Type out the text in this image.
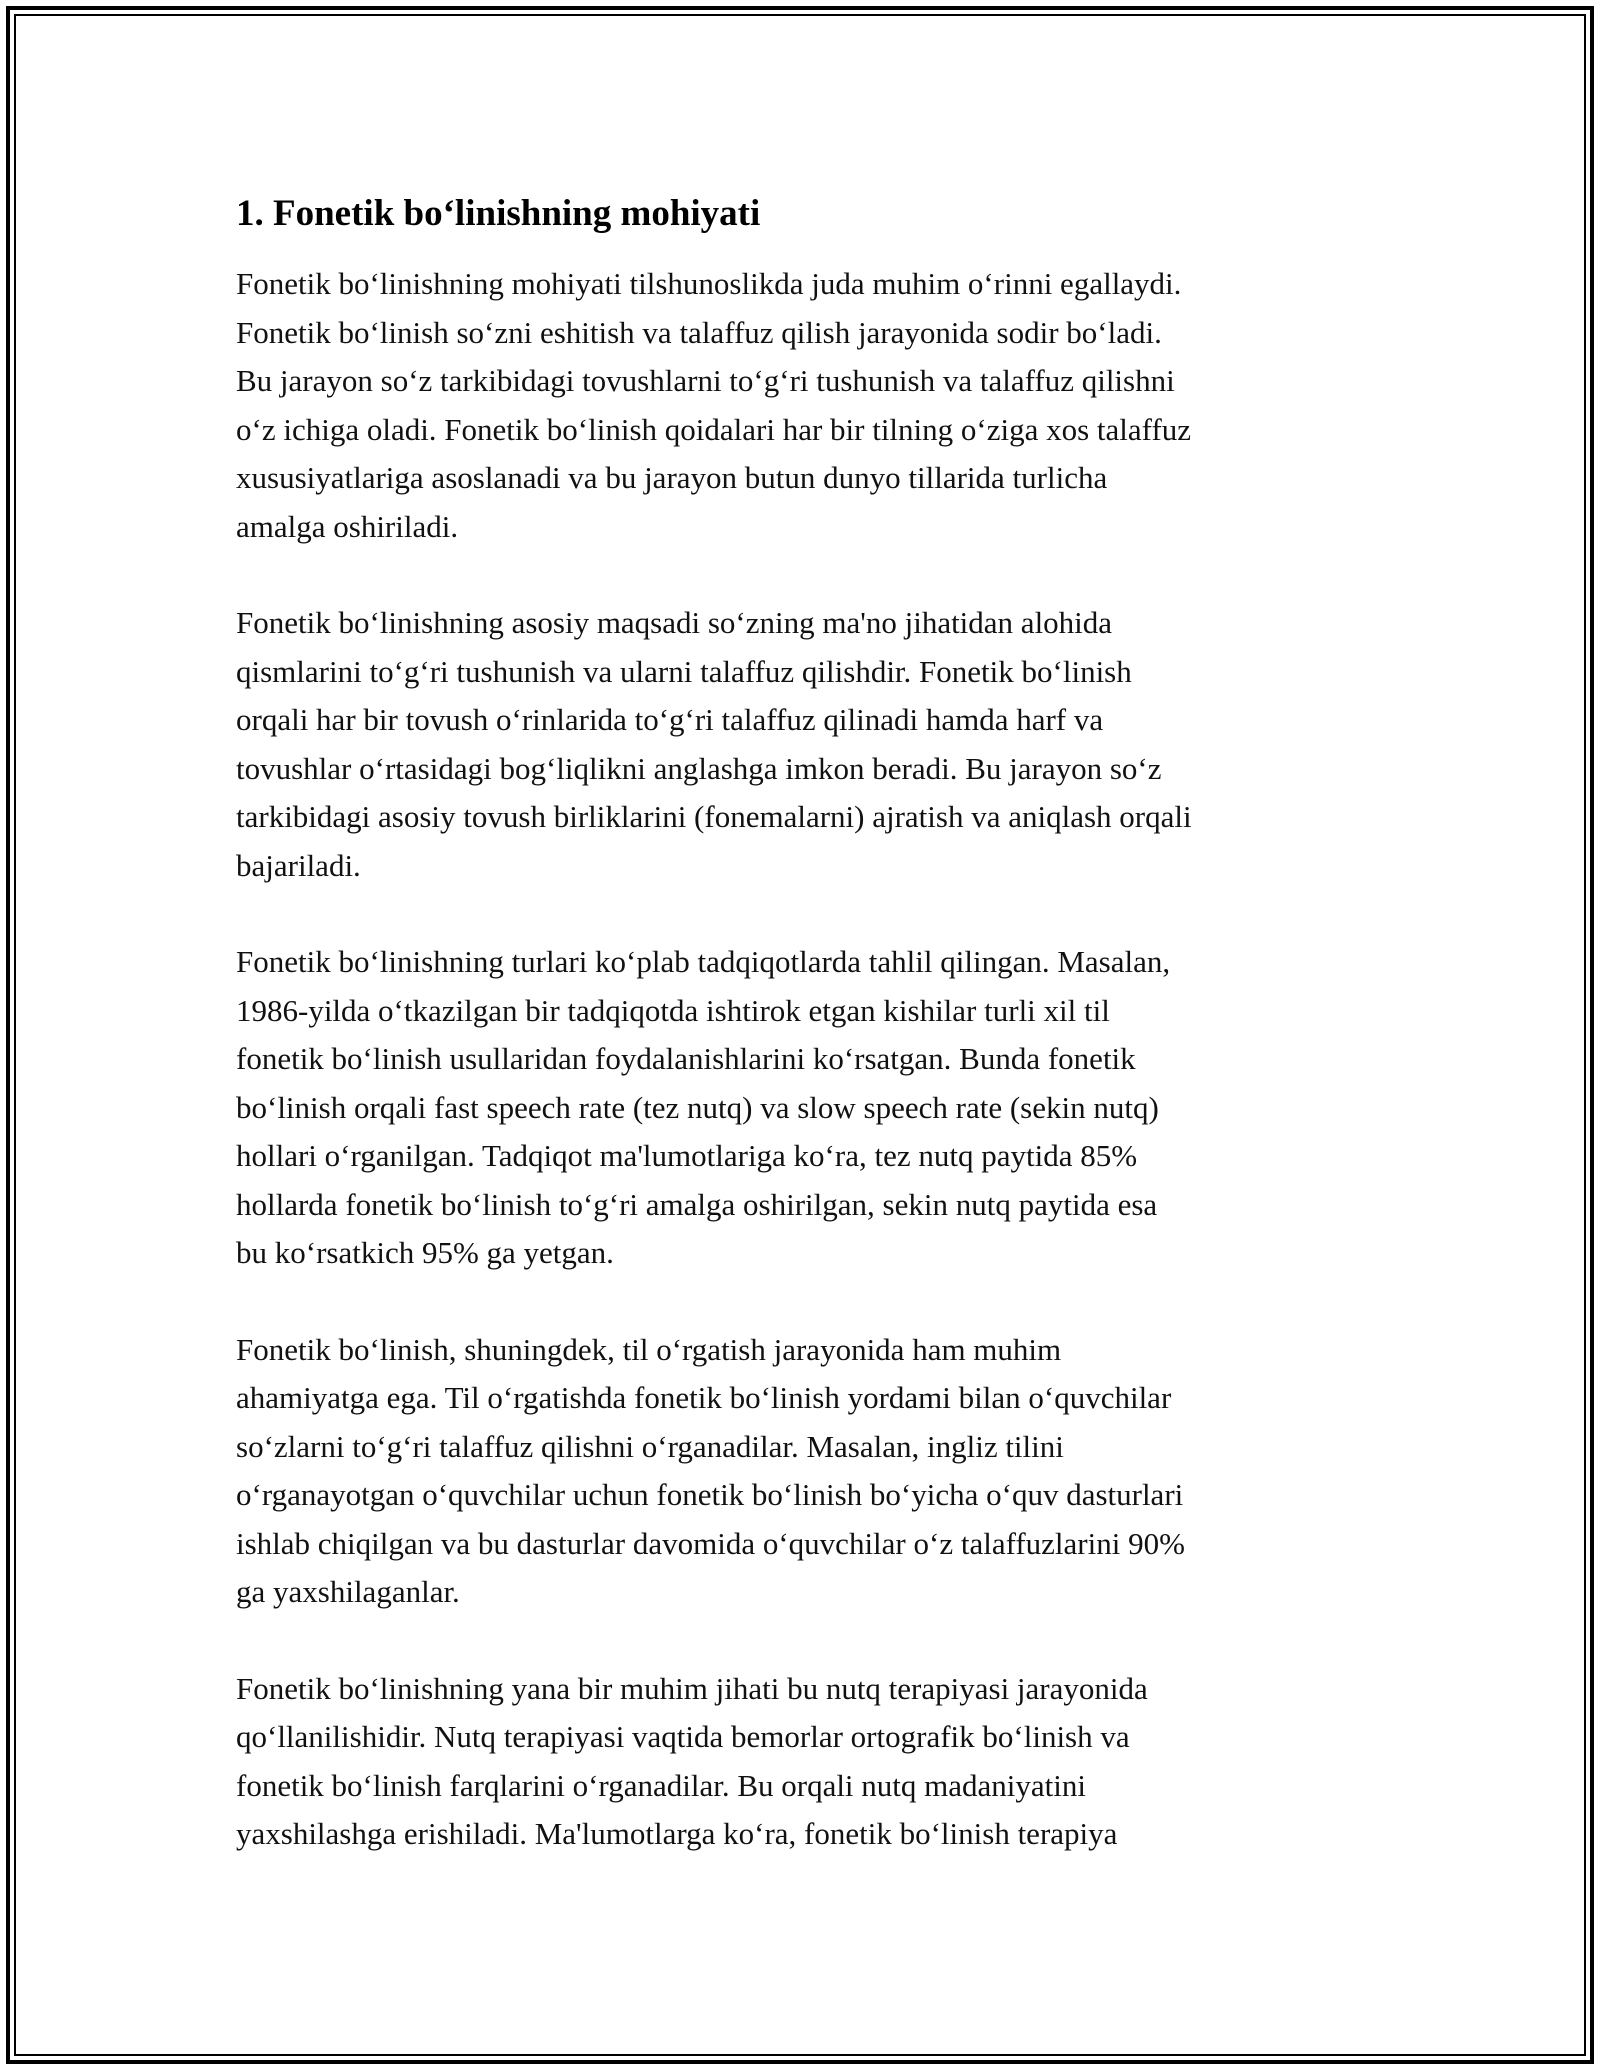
1. Fonetik bo‘linishning mohiyati
Fonetik bo‘linishning mohiyati tilshunoslikda juda muhim o‘rinni egallaydi.
Fonetik bo‘linish so‘zni eshitish va talaffuz qilish jarayonida sodir bo‘ladi.
Bu jarayon so‘z tarkibidagi tovushlarni to‘g‘ri tushunish va talaffuz qilishni
o‘z ichiga oladi. Fonetik bo‘linish qoidalari har bir tilning o‘ziga xos talaffuz
xususiyatlariga asoslanadi va bu jarayon butun dunyo tillarida turlicha
amalga oshiriladi.
Fonetik bo‘linishning asosiy maqsadi so‘zning ma'no jihatidan alohida
qismlarini to‘g‘ri tushunish va ularni talaffuz qilishdir. Fonetik bo‘linish
orqali har bir tovush o‘rinlarida to‘g‘ri talaffuz qilinadi hamda harf va
tovushlar o‘rtasidagi bog‘liqlikni anglashga imkon beradi. Bu jarayon so‘z
tarkibidagi asosiy tovush birliklarini (fonemalarni) ajratish va aniqlash orqali
bajariladi.
Fonetik bo‘linishning turlari ko‘plab tadqiqotlarda tahlil qilingan. Masalan,
1986-yilda o‘tkazilgan bir tadqiqotda ishtirok etgan kishilar turli xil til
fonetik bo‘linish usullaridan foydalanishlarini ko‘rsatgan. Bunda fonetik
bo‘linish orqali fast speech rate (tez nutq) va slow speech rate (sekin nutq)
hollari o‘rganilgan. Tadqiqot ma'lumotlariga ko‘ra, tez nutq paytida 85%
hollarda fonetik bo‘linish to‘g‘ri amalga oshirilgan, sekin nutq paytida esa
bu ko‘rsatkich 95% ga yetgan.
Fonetik bo‘linish, shuningdek, til o‘rgatish jarayonida ham muhim
ahamiyatga ega. Til o‘rgatishda fonetik bo‘linish yordami bilan o‘quvchilar
so‘zlarni to‘g‘ri talaffuz qilishni o‘rganadilar. Masalan, ingliz tilini
o‘rganayotgan o‘quvchilar uchun fonetik bo‘linish bo‘yicha o‘quv dasturlari
ishlab chiqilgan va bu dasturlar davomida o‘quvchilar o‘z talaffuzlarini 90%
ga yaxshilaganlar.
Fonetik bo‘linishning yana bir muhim jihati bu nutq terapiyasi jarayonida
qo‘llanilishidir. Nutq terapiyasi vaqtida bemorlar ortografik bo‘linish va
fonetik bo‘linish farqlarini o‘rganadilar. Bu orqali nutq madaniyatini
yaxshilashga erishiladi. Ma'lumotlarga ko‘ra, fonetik bo‘linish terapiya
